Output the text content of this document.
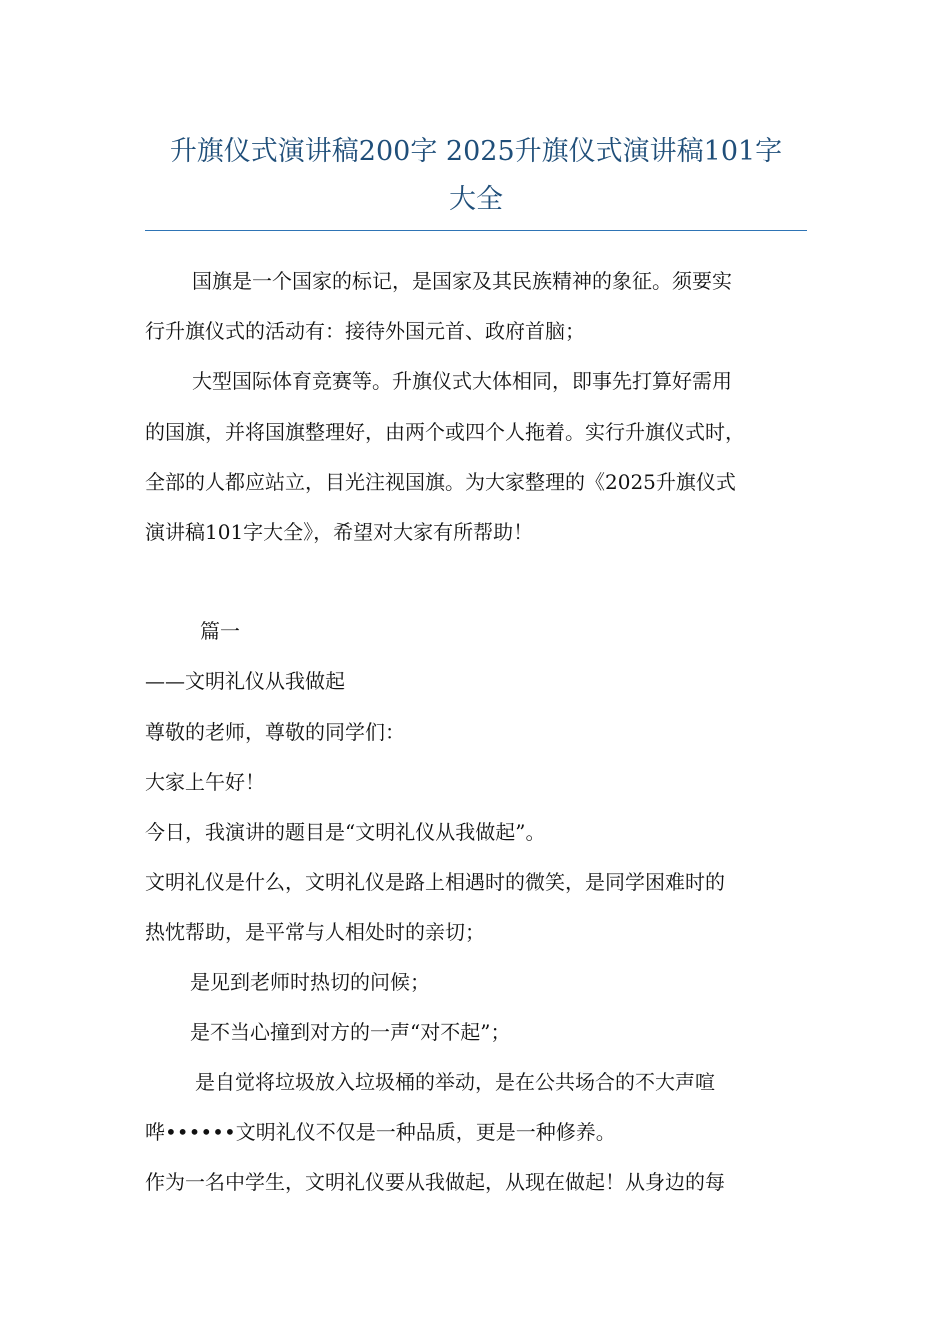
升旗仪式演讲稿200字 2025升旗仪式演讲稿101字
大全
国旗是一个国家的标记，是国家及其民族精神的象征。须要实
行升旗仪式的活动有：接待外国元首、政府首脑；
大型国际体育竞赛等。升旗仪式大体相同，即事先打算好需用
的国旗，并将国旗整理好，由两个或四个人拖着。实行升旗仪式时，
全部的人都应站立，目光注视国旗。为大家整理的《2025升旗仪式
演讲稿101字大全》，希望对大家有所帮助！
篇一
——文明礼仪从我做起
尊敬的老师，尊敬的同学们：
大家上午好！
今日，我演讲的题目是“文明礼仪从我做起”。
文明礼仪是什么，文明礼仪是路上相遇时的微笑，是同学困难时的
热忱帮助，是平常与人相处时的亲切；
是见到老师时热切的问候；
是不当心撞到对方的一声“对不起”；
是自觉将垃圾放入垃圾桶的举动，是在公共场合的不大声喧
哗••••••文明礼仪不仅是一种品质，更是一种修养。
作为一名中学生，文明礼仪要从我做起，从现在做起！从身边的每
